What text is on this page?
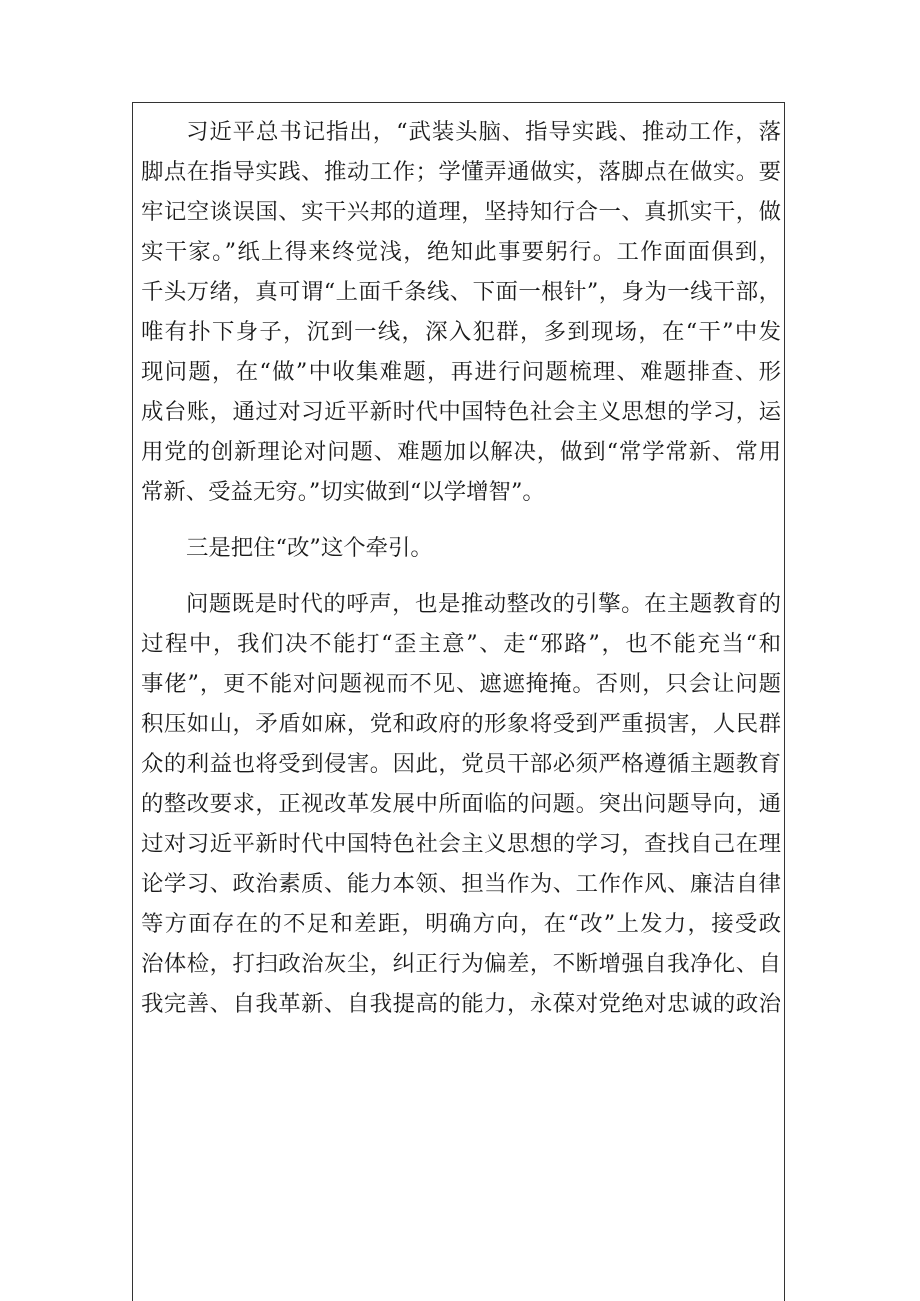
习近平总书记指出，“武装头脑、指导实践、推动工作，落

脚点在指导实践、推动工作；学懂弄通做实，落脚点在做实。要

牢记空谈误国、实干兴邦的道理，坚持知行合一、真抓实干，做

实干家。”纸上得来终觉浅，绝知此事要躬行。工作面面俱到，

千头万绪，真可谓“上面千条线、下面一根针”，身为一线干部，

唯有扑下身子，沉到一线，深入犯群，多到现场，在“干”中发

现问题，在“做”中收集难题，再进行问题梳理、难题排查、形

成台账，通过对习近平新时代中国特色社会主义思想的学习，运

用党的创新理论对问题、难题加以解决，做到“常学常新、常用

常新、受益无穷。”切实做到“以学增智”。

三是把住“改”这个牵引。

问题既是时代的呼声，也是推动整改的引擎。在主题教育的

过程中，我们决不能打“歪主意”、走“邪路”，也不能充当“和

事佬”，更不能对问题视而不见、遮遮掩掩。否则，只会让问题

积压如山，矛盾如麻，党和政府的形象将受到严重损害，人民群

众的利益也将受到侵害。因此，党员干部必须严格遵循主题教育

的整改要求，正视改革发展中所面临的问题。突出问题导向，通

过对习近平新时代中国特色社会主义思想的学习，查找自己在理

论学习、政治素质、能力本领、担当作为、工作作风、廉洁自律

等方面存在的不足和差距，明确方向，在“改”上发力，接受政

治体检，打扫政治灰尘，纠正行为偏差，不断增强自我净化、自

我完善、自我革新、自我提高的能力，永葆对党绝对忠诚的政治
